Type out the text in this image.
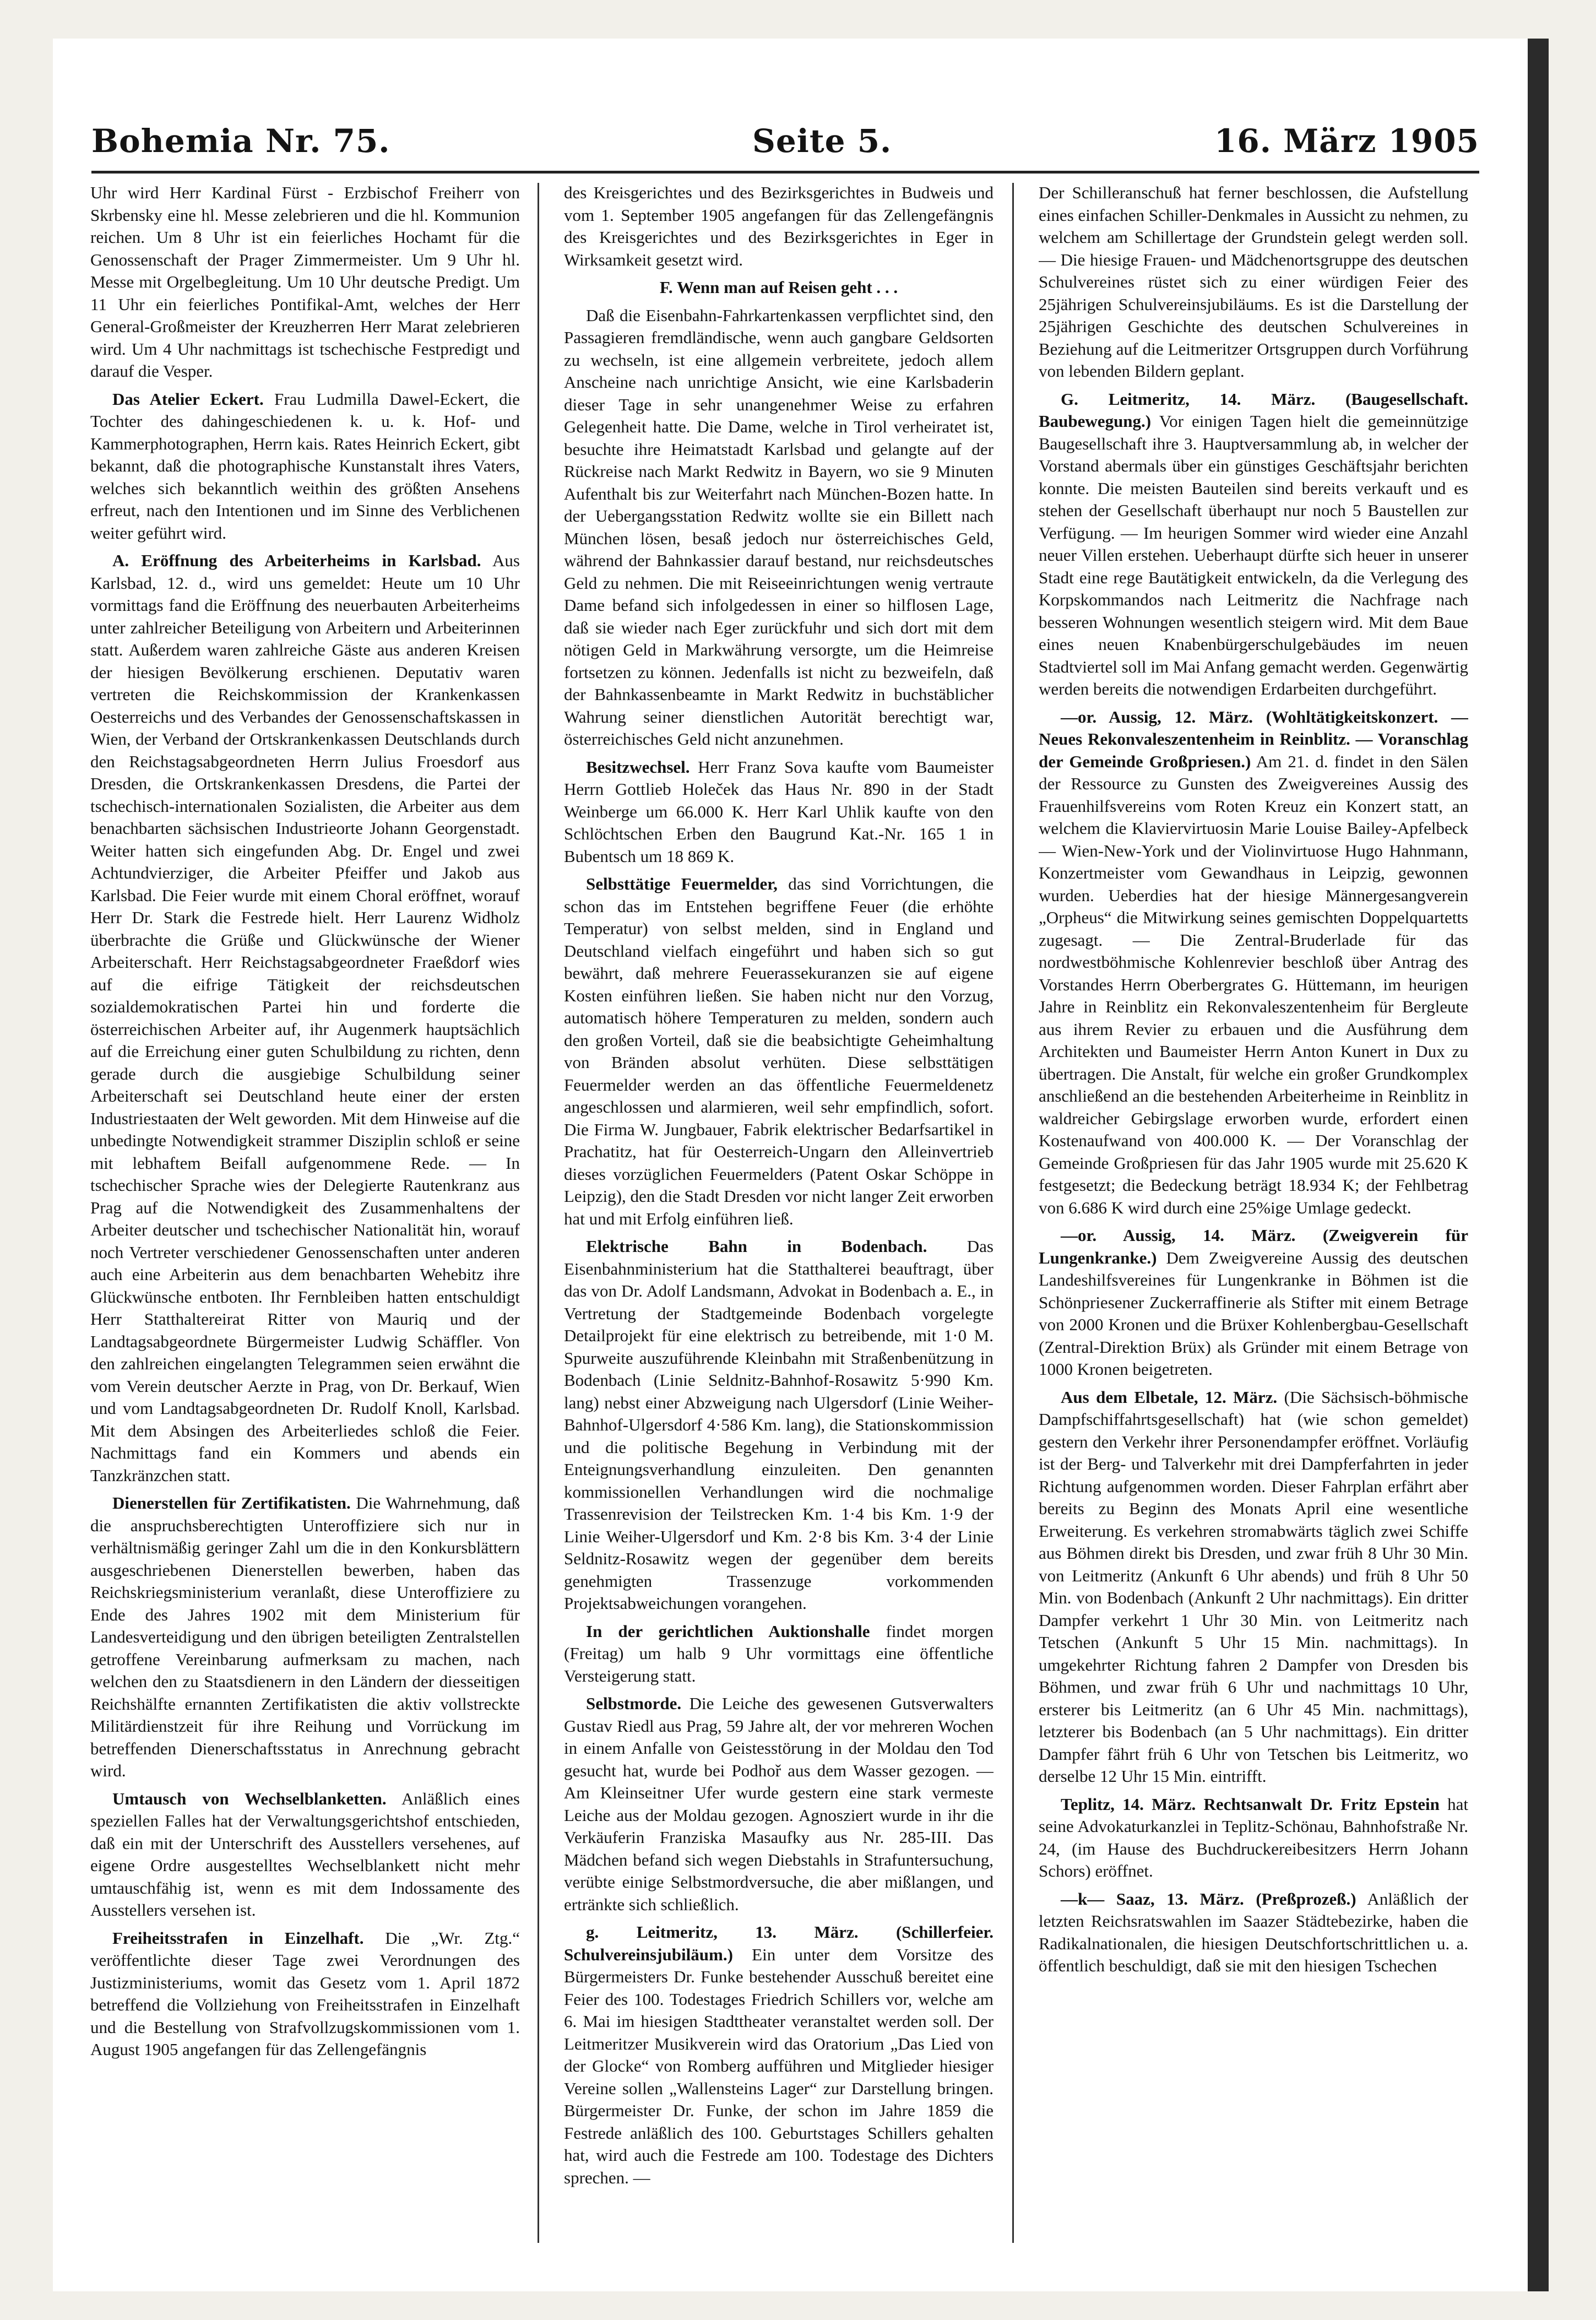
Bohemia Nr. 75.	Seite 5.	16. März 1905

Uhr wird Herr Kardinal Fürst - Erzbischof Freiherr von Skrbensky eine hl. Messe zelebrieren und die hl. Kommunion reichen. Um 8 Uhr ist ein feierliches Hochamt für die Genossenschaft der Prager Zimmermeister. Um 9 Uhr hl. Messe mit Orgelbegleitung. Um 10 Uhr deutsche Predigt. Um 11 Uhr ein feierliches Pontifikal-Amt, welches der Herr General-Großmeister der Kreuzherren Herr Marat zelebrieren wird. Um 4 Uhr nachmittags ist tschechische Festpredigt und darauf die Vesper.

Das Atelier Eckert. Frau Ludmilla Dawel-Eckert, die Tochter des dahingeschiedenen k. u. k. Hof- und Kammerphotographen, Herrn kais. Rates Heinrich Eckert, gibt bekannt, daß die photographische Kunstanstalt ihres Vaters, welches sich bekanntlich weithin des größten Ansehens erfreut, nach den Intentionen und im Sinne des Verblichenen weiter geführt wird.

A. Eröffnung des Arbeiterheims in Karlsbad. Aus Karlsbad, 12. d., wird uns gemeldet: Heute um 10 Uhr vormittags fand die Eröffnung des neuerbauten Arbeiterheims unter zahlreicher Beteiligung von Arbeitern und Arbeiterinnen statt. Außerdem waren zahlreiche Gäste aus anderen Kreisen der hiesigen Bevölkerung erschienen. Deputativ waren vertreten die Reichskommission der Krankenkassen Oesterreichs und des Verbandes der Genossenschaftskassen in Wien, der Verband der Ortskrankenkassen Deutschlands durch den Reichstagsabgeordneten Herrn Julius Froesdorf aus Dresden, die Ortskrankenkassen Dresdens, die Partei der tschechisch-internationalen Sozialisten, die Arbeiter aus dem benachbarten sächsischen Industrieorte Johann Georgenstadt. Weiter hatten sich eingefunden Abg. Dr. Engel und zwei Achtundvierziger, die Arbeiter Pfeiffer und Jakob aus Karlsbad. Die Feier wurde mit einem Choral eröffnet, worauf Herr Dr. Stark die Festrede hielt. Herr Laurenz Widholz überbrachte die Grüße und Glückwünsche der Wiener Arbeiterschaft. Herr Reichstagsabgeordneter Fraeßdorf wies auf die eifrige Tätigkeit der reichsdeutschen sozialdemokratischen Partei hin und forderte die österreichischen Arbeiter auf, ihr Augenmerk hauptsächlich auf die Erreichung einer guten Schulbildung zu richten, denn gerade durch die ausgiebige Schulbildung seiner Arbeiterschaft sei Deutschland heute einer der ersten Industriestaaten der Welt geworden. Mit dem Hinweise auf die unbedingte Notwendigkeit strammer Disziplin schloß er seine mit lebhaftem Beifall aufgenommene Rede. — In tschechischer Sprache wies der Delegierte Rautenkranz aus Prag auf die Notwendigkeit des Zusammenhaltens der Arbeiter deutscher und tschechischer Nationalität hin, worauf noch Vertreter verschiedener Genossenschaften unter anderen auch eine Arbeiterin aus dem benachbarten Wehebitz ihre Glückwünsche entboten. Ihr Fernbleiben hatten entschuldigt Herr Statthaltereirat Ritter von Mauriq und der Landtagsabgeordnete Bürgermeister Ludwig Schäffler. Von den zahlreichen eingelangten Telegrammen seien erwähnt die vom Verein deutscher Aerzte in Prag, von Dr. Berkauf, Wien und vom Landtagsabgeordneten Dr. Rudolf Knoll, Karlsbad. Mit dem Absingen des Arbeiterliedes schloß die Feier. Nachmittags fand ein Kommers und abends ein Tanzkränzchen statt.

Dienerstellen für Zertifikatisten. Die Wahrnehmung, daß die anspruchsberechtigten Unteroffiziere sich nur in verhältnismäßig geringer Zahl um die in den Konkursblättern ausgeschriebenen Dienerstellen bewerben, haben das Reichskriegsministerium veranlaßt, diese Unteroffiziere zu Ende des Jahres 1902 mit dem Ministerium für Landesverteidigung und den übrigen beteiligten Zentralstellen getroffene Vereinbarung aufmerksam zu machen, nach welchen den zu Staatsdienern in den Ländern der diesseitigen Reichshälfte ernannten Zertifikatisten die aktiv vollstreckte Militärdienstzeit für ihre Reihung und Vorrückung im betreffenden Dienerschaftsstatus in Anrechnung gebracht wird.

Umtausch von Wechselblanketten. Anläßlich eines speziellen Falles hat der Verwaltungsgerichtshof entschieden, daß ein mit der Unterschrift des Ausstellers versehenes, auf eigene Ordre ausgestelltes Wechselblankett nicht mehr umtauschfähig ist, wenn es mit dem Indossamente des Ausstellers versehen ist.

Freiheitsstrafen in Einzelhaft. Die „Wr. Ztg.“ veröffentlichte dieser Tage zwei Verordnungen des Justizministeriums, womit das Gesetz vom 1. April 1872 betreffend die Vollziehung von Freiheitsstrafen in Einzelhaft und die Bestellung von Strafvollzugskommissionen vom 1. August 1905 angefangen für das Zellengefängnis

des Kreisgerichtes und des Bezirksgerichtes in Budweis und vom 1. September 1905 angefangen für das Zellengefängnis des Kreisgerichtes und des Bezirksgerichtes in Eger in Wirksamkeit gesetzt wird.

F. Wenn man auf Reisen geht . . .

Daß die Eisenbahn-Fahrkartenkassen verpflichtet sind, den Passagieren fremdländische, wenn auch gangbare Geldsorten zu wechseln, ist eine allgemein verbreitete, jedoch allem Anscheine nach unrichtige Ansicht, wie eine Karlsbaderin dieser Tage in sehr unangenehmer Weise zu erfahren Gelegenheit hatte. Die Dame, welche in Tirol verheiratet ist, besuchte ihre Heimatstadt Karlsbad und gelangte auf der Rückreise nach Markt Redwitz in Bayern, wo sie 9 Minuten Aufenthalt bis zur Weiterfahrt nach München-Bozen hatte. In der Uebergangsstation Redwitz wollte sie ein Billett nach München lösen, besaß jedoch nur österreichisches Geld, während der Bahnkassier darauf bestand, nur reichsdeutsches Geld zu nehmen. Die mit Reiseeinrichtungen wenig vertraute Dame befand sich infolgedessen in einer so hilflosen Lage, daß sie wieder nach Eger zurückfuhr und sich dort mit dem nötigen Geld in Markwährung versorgte, um die Heimreise fortsetzen zu können. Jedenfalls ist nicht zu bezweifeln, daß der Bahnkassenbeamte in Markt Redwitz in buchstäblicher Wahrung seiner dienstlichen Autorität berechtigt war, österreichisches Geld nicht anzunehmen.

Besitzwechsel. Herr Franz Sova kaufte vom Baumeister Herrn Gottlieb Holeček das Haus Nr. 890 in der Stadt Weinberge um 66.000 K. Herr Karl Uhlik kaufte von den Schlöchtschen Erben den Baugrund Kat.-Nr. 165 1 in Bubentsch um 18 869 K.

Selbsttätige Feuermelder, das sind Vorrichtungen, die schon das im Entstehen begriffene Feuer (die erhöhte Temperatur) von selbst melden, sind in England und Deutschland vielfach eingeführt und haben sich so gut bewährt, daß mehrere Feuerassekuranzen sie auf eigene Kosten einführen ließen. Sie haben nicht nur den Vorzug, automatisch höhere Temperaturen zu melden, sondern auch den großen Vorteil, daß sie die beabsichtigte Geheimhaltung von Bränden absolut verhüten. Diese selbsttätigen Feuermelder werden an das öffentliche Feuermeldenetz angeschlossen und alarmieren, weil sehr empfindlich, sofort. Die Firma W. Jungbauer, Fabrik elektrischer Bedarfsartikel in Prachatitz, hat für Oesterreich-Ungarn den Alleinvertrieb dieses vorzüglichen Feuermelders (Patent Oskar Schöppe in Leipzig), den die Stadt Dresden vor nicht langer Zeit erworben hat und mit Erfolg einführen ließ.

Elektrische Bahn in Bodenbach. Das Eisenbahnministerium hat die Statthalterei beauftragt, über das von Dr. Adolf Landsmann, Advokat in Bodenbach a. E., in Vertretung der Stadtgemeinde Bodenbach vorgelegte Detailprojekt für eine elektrisch zu betreibende, mit 1·0 M. Spurweite auszuführende Kleinbahn mit Straßenbenützung in Bodenbach (Linie Seldnitz-Bahnhof-Rosawitz 5·990 Km. lang) nebst einer Abzweigung nach Ulgersdorf (Linie Weiher-Bahnhof-Ulgersdorf 4·586 Km. lang), die Stationskommission und die politische Begehung in Verbindung mit der Enteignungsverhandlung einzuleiten. Den genannten kommissionellen Verhandlungen wird die nochmalige Trassenrevision der Teilstrecken Km. 1·4 bis Km. 1·9 der Linie Weiher-Ulgersdorf und Km. 2·8 bis Km. 3·4 der Linie Seldnitz-Rosawitz wegen der gegenüber dem bereits genehmigten Trassenzuge vorkommenden Projektsabweichungen vorangehen.

In der gerichtlichen Auktionshalle findet morgen (Freitag) um halb 9 Uhr vormittags eine öffentliche Versteigerung statt.

Selbstmorde. Die Leiche des gewesenen Gutsverwalters Gustav Riedl aus Prag, 59 Jahre alt, der vor mehreren Wochen in einem Anfalle von Geistesstörung in der Moldau den Tod gesucht hat, wurde bei Podhoř aus dem Wasser gezogen. — Am Kleinseitner Ufer wurde gestern eine stark vermeste Leiche aus der Moldau gezogen. Agnosziert wurde in ihr die Verkäuferin Franziska Masaufky aus Nr. 285-III. Das Mädchen befand sich wegen Diebstahls in Strafuntersuchung, verübte einige Selbstmordversuche, die aber mißlangen, und ertränkte sich schließlich.

g. Leitmeritz, 13. März. (Schillerfeier. Schulvereinsjubiläum.) Ein unter dem Vorsitze des Bürgermeisters Dr. Funke bestehender Ausschuß bereitet eine Feier des 100. Todestages Friedrich Schillers vor, welche am 6. Mai im hiesigen Stadttheater veranstaltet werden soll. Der Leitmeritzer Musikverein wird das Oratorium „Das Lied von der Glocke“ von Romberg aufführen und Mitglieder hiesiger Vereine sollen „Wallensteins Lager“ zur Darstellung bringen. Bürgermeister Dr. Funke, der schon im Jahre 1859 die Festrede anläßlich des 100. Geburtstages Schillers gehalten hat, wird auch die Festrede am 100. Todestage des Dichters sprechen. —

Der Schilleranschuß hat ferner beschlossen, die Aufstellung eines einfachen Schiller-Denkmales in Aussicht zu nehmen, zu welchem am Schillertage der Grundstein gelegt werden soll. — Die hiesige Frauen- und Mädchenortsgruppe des deutschen Schulvereines rüstet sich zu einer würdigen Feier des 25jährigen Schulvereinsjubiläums. Es ist die Darstellung der 25jährigen Geschichte des deutschen Schulvereines in Beziehung auf die Leitmeritzer Ortsgruppen durch Vorführung von lebenden Bildern geplant.

G. Leitmeritz, 14. März. (Baugesellschaft. Baubewegung.) Vor einigen Tagen hielt die gemeinnützige Baugesellschaft ihre 3. Hauptversammlung ab, in welcher der Vorstand abermals über ein günstiges Geschäftsjahr berichten konnte. Die meisten Bauteilen sind bereits verkauft und es stehen der Gesellschaft überhaupt nur noch 5 Baustellen zur Verfügung. — Im heurigen Sommer wird wieder eine Anzahl neuer Villen erstehen. Ueberhaupt dürfte sich heuer in unserer Stadt eine rege Bautätigkeit entwickeln, da die Verlegung des Korpskommandos nach Leitmeritz die Nachfrage nach besseren Wohnungen wesentlich steigern wird. Mit dem Baue eines neuen Knabenbürgerschulgebäudes im neuen Stadtviertel soll im Mai Anfang gemacht werden. Gegenwärtig werden bereits die notwendigen Erdarbeiten durchgeführt.

—or. Aussig, 12. März. (Wohltätigkeitskonzert. — Neues Rekonvaleszentenheim in Reinblitz. — Voranschlag der Gemeinde Großpriesen.) Am 21. d. findet in den Sälen der Ressource zu Gunsten des Zweigvereines Aussig des Frauenhilfsvereins vom Roten Kreuz ein Konzert statt, an welchem die Klaviervirtuosin Marie Louise Bailey-Apfelbeck — Wien-New-York und der Violinvirtuose Hugo Hahnmann, Konzertmeister vom Gewandhaus in Leipzig, gewonnen wurden. Ueberdies hat der hiesige Männergesangverein „Orpheus“ die Mitwirkung seines gemischten Doppelquartetts zugesagt. — Die Zentral-Bruderlade für das nordwestböhmische Kohlenrevier beschloß über Antrag des Vorstandes Herrn Oberbergrates G. Hüttemann, im heurigen Jahre in Reinblitz ein Rekonvaleszentenheim für Bergleute aus ihrem Revier zu erbauen und die Ausführung dem Architekten und Baumeister Herrn Anton Kunert in Dux zu übertragen. Die Anstalt, für welche ein großer Grundkomplex anschließend an die bestehenden Arbeiterheime in Reinblitz in waldreicher Gebirgslage erworben wurde, erfordert einen Kostenaufwand von 400.000 K. — Der Voranschlag der Gemeinde Großpriesen für das Jahr 1905 wurde mit 25.620 K festgesetzt; die Bedeckung beträgt 18.934 K; der Fehlbetrag von 6.686 K wird durch eine 25%ige Umlage gedeckt.

—or. Aussig, 14. März. (Zweigverein für Lungenkranke.) Dem Zweigvereine Aussig des deutschen Landeshilfsvereines für Lungenkranke in Böhmen ist die Schönpriesener Zuckerraffinerie als Stifter mit einem Betrage von 2000 Kronen und die Brüxer Kohlenbergbau-Gesellschaft (Zentral-Direktion Brüx) als Gründer mit einem Betrage von 1000 Kronen beigetreten.

Aus dem Elbetale, 12. März. (Die Sächsisch-böhmische Dampfschiffahrtsgesellschaft) hat (wie schon gemeldet) gestern den Verkehr ihrer Personendampfer eröffnet. Vorläufig ist der Berg- und Talverkehr mit drei Dampferfahrten in jeder Richtung aufgenommen worden. Dieser Fahrplan erfährt aber bereits zu Beginn des Monats April eine wesentliche Erweiterung. Es verkehren stromabwärts täglich zwei Schiffe aus Böhmen direkt bis Dresden, und zwar früh 8 Uhr 30 Min. von Leitmeritz (Ankunft 6 Uhr abends) und früh 8 Uhr 50 Min. von Bodenbach (Ankunft 2 Uhr nachmittags). Ein dritter Dampfer verkehrt 1 Uhr 30 Min. von Leitmeritz nach Tetschen (Ankunft 5 Uhr 15 Min. nachmittags). In umgekehrter Richtung fahren 2 Dampfer von Dresden bis Böhmen, und zwar früh 6 Uhr und nachmittags 10 Uhr, ersterer bis Leitmeritz (an 6 Uhr 45 Min. nachmittags), letzterer bis Bodenbach (an 5 Uhr nachmittags). Ein dritter Dampfer fährt früh 6 Uhr von Tetschen bis Leitmeritz, wo derselbe 12 Uhr 15 Min. eintrifft.

Teplitz, 14. März. Rechtsanwalt Dr. Fritz Epstein hat seine Advokaturkanzlei in Teplitz-Schönau, Bahnhofstraße Nr. 24, (im Hause des Buchdruckereibesitzers Herrn Johann Schors) eröffnet.

—k— Saaz, 13. März. (Preßprozeß.) Anläßlich der letzten Reichsratswahlen im Saazer Städtebezirke, haben die Radikalnationalen, die hiesigen Deutschfortschrittlichen u. a. öffentlich beschuldigt, daß sie mit den hiesigen Tschechen
